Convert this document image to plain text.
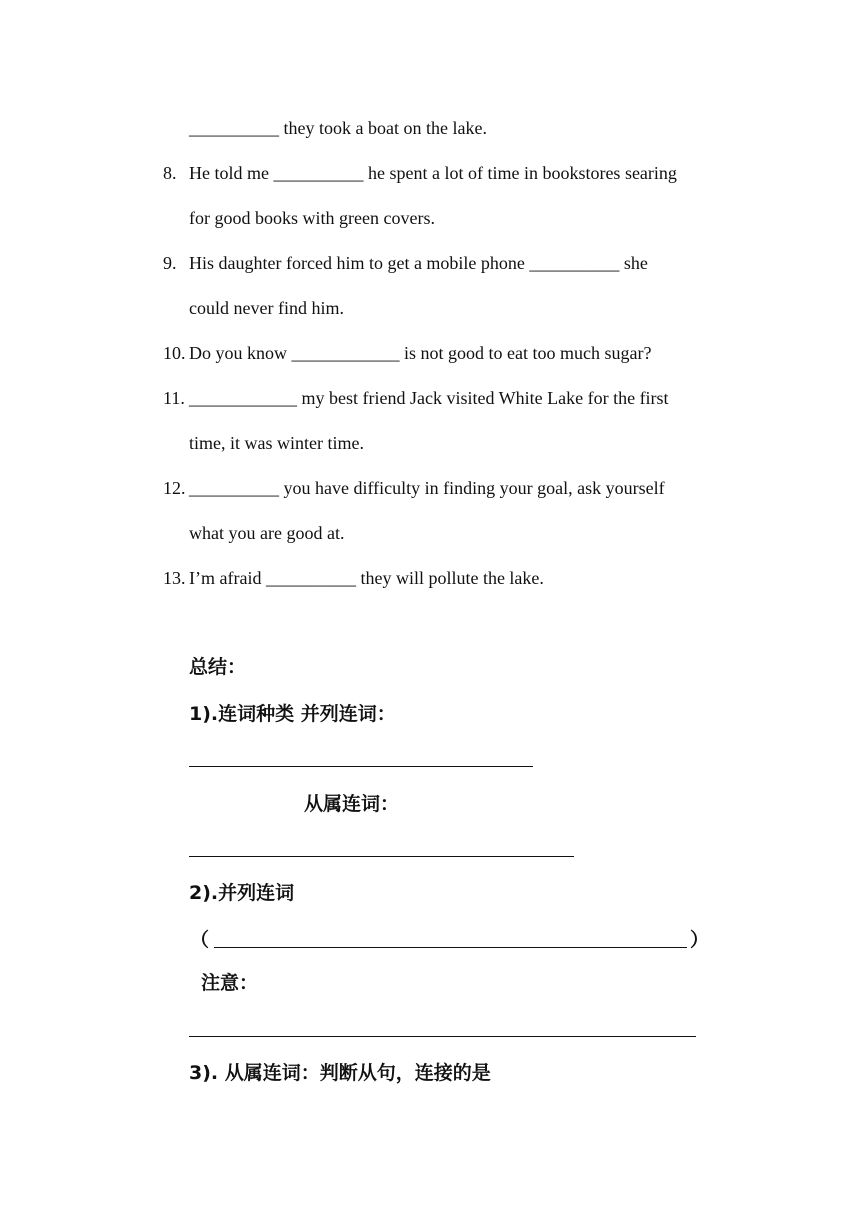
__________ they took a boat on the lake.
8. He told me __________ he spent a lot of time in bookstores searing
for good books with green covers.
9. His daughter forced him to get a mobile phone __________ she
could never find him.
10. Do you know ____________ is not good to eat too much sugar?
11. ____________ my best friend Jack visited White Lake for the first
time, it was winter time.
12. __________ you have difficulty in finding your goal, ask yourself
what you are good at.
13. I’m afraid __________ they will pollute the lake.
总结：
1).连词种类 并列连词：
从属连词：
2).并列连词
（	）
注意：
3). 从属连词：判断从句，连接的是
